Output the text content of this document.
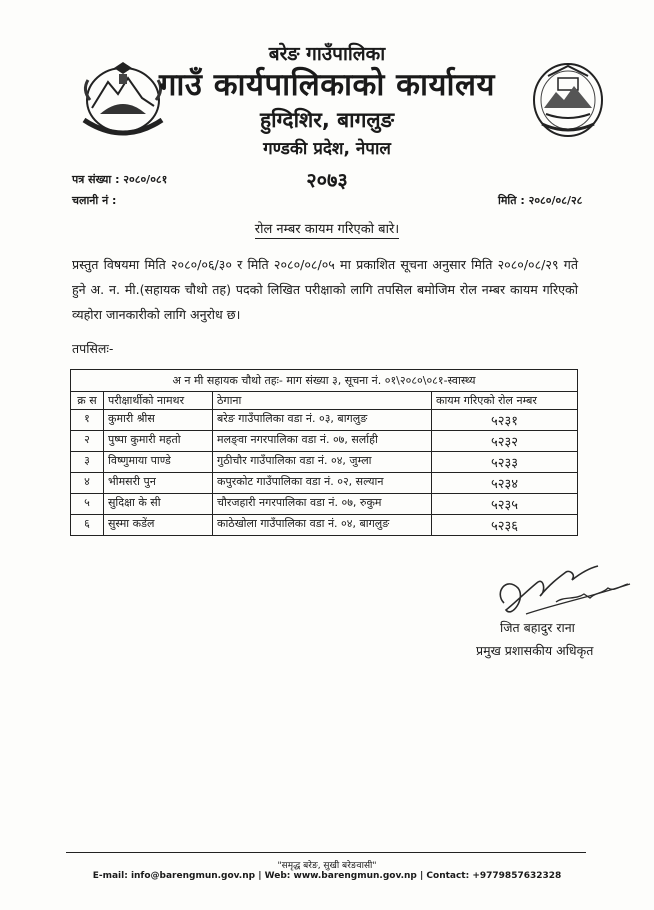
बरेङ गाउँपालिका
गाउँ कार्यपालिकाको कार्यालय
हुग्दिशिर, बागलुङ
गण्डकी प्रदेश, नेपाल
२०७३
पत्र संख्या : २०८०/०८१
चलानी नं :	मिति : २०८०/०८/२८
रोल नम्बर कायम गरिएको बारे।
प्रस्तुत विषयमा मिति २०८०/०६/३० र मिति २०८०/०८/०५ मा प्रकाशित सूचना अनुसार मिति २०८०/०८/२९ गते हुने अ. न. मी.(सहायक चौथो तह) पदको लिखित परीक्षाको लागि तपसिल बमोजिम रोल नम्बर कायम गरिएको व्यहोरा जानकारीको लागि अनुरोध छ।
तपसिलः-
अ न मी सहायक चौथो तहः- माग संख्या ३, सूचना नं. ०१\२०८०\०८१-स्वास्थ्य			
क्र स	परीक्षार्थीको नामथर	ठेगाना	कायम गरिएको रोल नम्बर
१	कुमारी श्रीस	बरेङ गाउँपालिका वडा नं. ०३, बागलुङ	५२३१
२	पुष्पा कुमारी महतो	मलङ्वा नगरपालिका वडा नं. ०७, सर्लाही	५२३२
३	विष्णुमाया पाण्डे	गुठीचौर गाउँपालिका वडा नं. ०४, जुम्ला	५२३३
४	भीमसरी पुन	कपुरकोट गाउँपालिका वडा नं. ०२, सल्यान	५२३४
५	सुदिक्षा के सी	चौरजहारी नगरपालिका वडा नं. ०७, रुकुम	५२३५
६	सुस्मा कडेंल	काठेखोला गाउँपालिका वडा नं. ०४, बागलुङ	५२३६
जित बहादुर राना
प्रमुख प्रशासकीय अधिकृत
"समृद्ध बरेङ, सुखी बरेङवासी"
E-mail: info@barengmun.gov.np | Web: www.barengmun.gov.np | Contact: +9779857632328
